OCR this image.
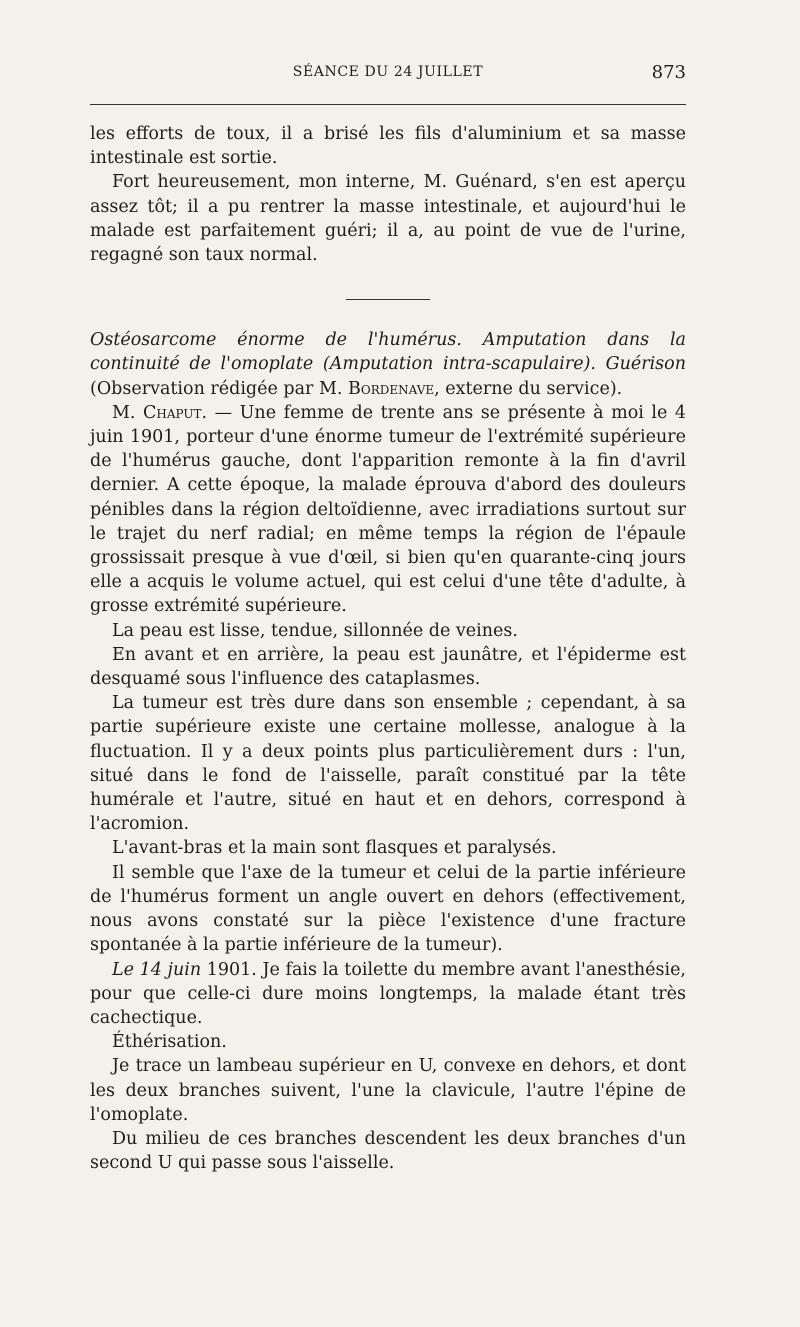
SÉANCE DU 24 JUILLET	873

les efforts de toux, il a brisé les fils d'aluminium et sa masse intestinale est sortie.

Fort heureusement, mon interne, M. Guénard, s'en est aperçu assez tôt; il a pu rentrer la masse intestinale, et aujourd'hui le malade est parfaitement guéri; il a, au point de vue de l'urine, regagné son taux normal.

Ostéosarcome énorme de l'humérus. Amputation dans la continuité de l'omoplate (Amputation intra-scapulaire). Guérison (Observation rédigée par M. Bordenave, externe du service).

M. Chaput. — Une femme de trente ans se présente à moi le 4 juin 1901, porteur d'une énorme tumeur de l'extrémité supérieure de l'humérus gauche, dont l'apparition remonte à la fin d'avril dernier. A cette époque, la malade éprouva d'abord des douleurs pénibles dans la région deltoïdienne, avec irradiations surtout sur le trajet du nerf radial; en même temps la région de l'épaule grossissait presque à vue d'œil, si bien qu'en quarante-cinq jours elle a acquis le volume actuel, qui est celui d'une tête d'adulte, à grosse extrémité supérieure.

La peau est lisse, tendue, sillonnée de veines.

En avant et en arrière, la peau est jaunâtre, et l'épiderme est desquamé sous l'influence des cataplasmes.

La tumeur est très dure dans son ensemble ; cependant, à sa partie supérieure existe une certaine mollesse, analogue à la fluctuation. Il y a deux points plus particulièrement durs : l'un, situé dans le fond de l'aisselle, paraît constitué par la tête humérale et l'autre, situé en haut et en dehors, correspond à l'acromion.

L'avant-bras et la main sont flasques et paralysés.

Il semble que l'axe de la tumeur et celui de la partie inférieure de l'humérus forment un angle ouvert en dehors (effectivement, nous avons constaté sur la pièce l'existence d'une fracture spontanée à la partie inférieure de la tumeur).

Le 14 juin 1901. Je fais la toilette du membre avant l'anesthésie, pour que celle-ci dure moins longtemps, la malade étant très cachectique.

Éthérisation.

Je trace un lambeau supérieur en U, convexe en dehors, et dont les deux branches suivent, l'une la clavicule, l'autre l'épine de l'omoplate.

Du milieu de ces branches descendent les deux branches d'un second U qui passe sous l'aisselle.
